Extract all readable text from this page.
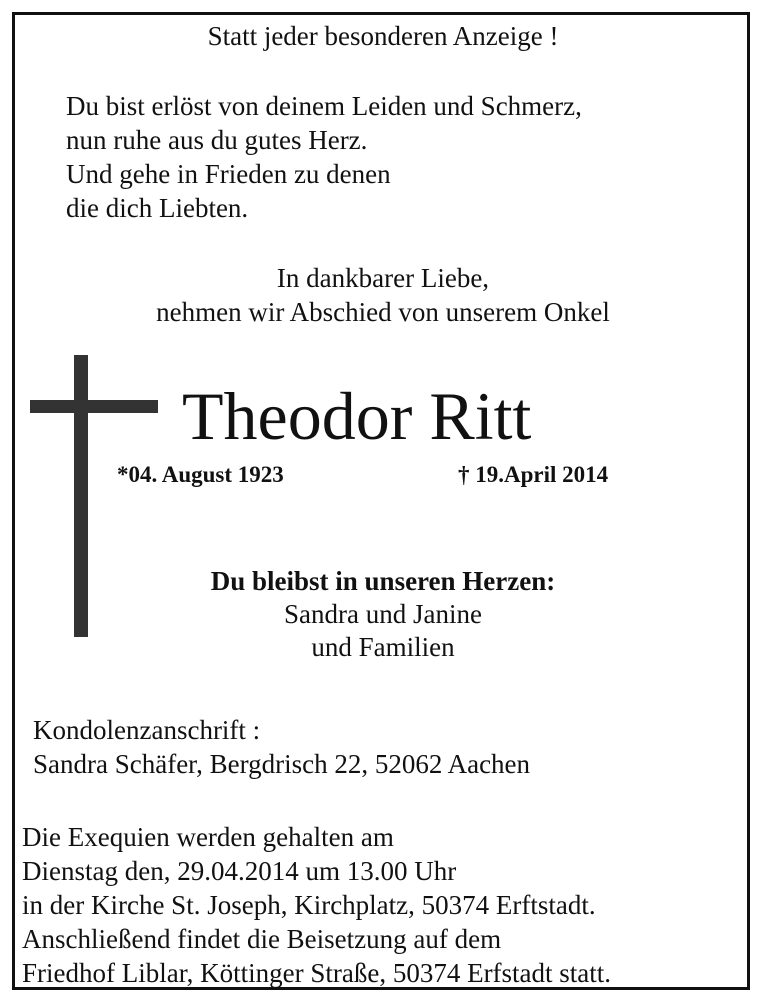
Statt jeder besonderen Anzeige !
Du bist erlöst von deinem Leiden und Schmerz,
nun ruhe aus du gutes Herz.
Und gehe in Frieden zu denen
die dich Liebten.
In dankbarer Liebe,
nehmen wir Abschied von unserem Onkel
Theodor Ritt
*04. August 1923	† 19.April 2014
Du bleibst in unseren Herzen:
Sandra und Janine
und Familien
Kondolenzanschrift :
Sandra Schäfer, Bergdrisch 22, 52062 Aachen
Die Exequien werden gehalten am
Dienstag den, 29.04.2014 um 13.00 Uhr
in der Kirche St. Joseph, Kirchplatz, 50374 Erftstadt.
Anschließend findet die Beisetzung auf dem
Friedhof Liblar, Köttinger Straße, 50374 Erfstadt statt.
